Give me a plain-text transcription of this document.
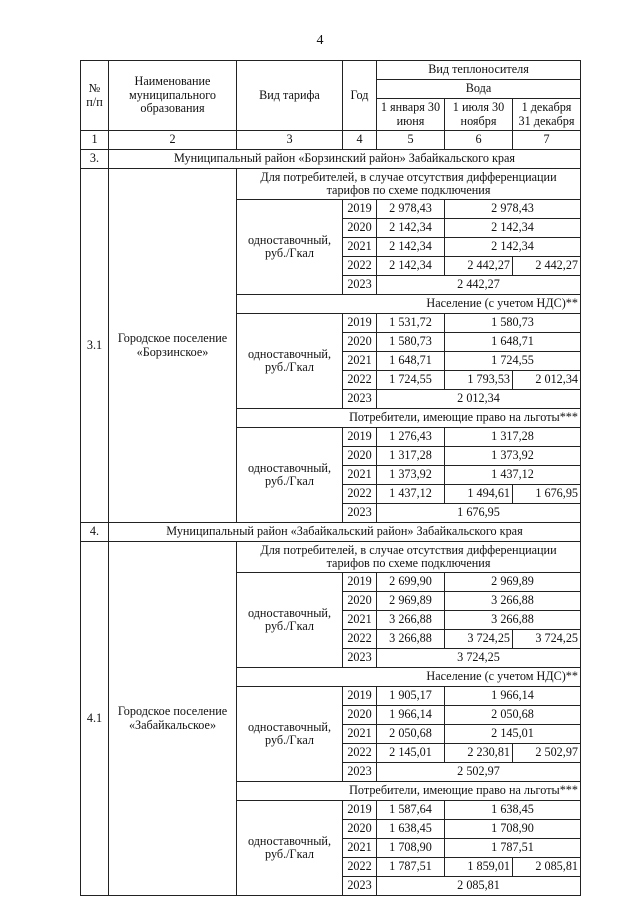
4
№ п/п	Наименование муниципального образования	Вид тарифа	Год	Вид теплоносителя		
				Вода		
				1 января 30 июня	1 июля 30 ноября	1 декабря 31 декабря
1	2	3	4	5	6	7
3.	Муниципальный район «Борзинский район» Забайкальского края					
3.1	Городское поселение «Борзинское»	Для потребителей, в случае отсутствия дифференциации тарифов по схеме подключения				
		одноставочный, руб./Гкал	2019	2 978,43	2 978,43	
			2020	2 142,34	2 142,34	
			2021	2 142,34	2 142,34	
			2022	2 142,34	2 442,27	2 442,27
			2023	2 442,27		
		Население (с учетом НДС)**				
		одноставочный, руб./Гкал	2019	1 531,72	1 580,73	
			2020	1 580,73	1 648,71	
			2021	1 648,71	1 724,55	
			2022	1 724,55	1 793,53	2 012,34
			2023	2 012,34		
		Потребители, имеющие право на льготы***				
		одноставочный, руб./Гкал	2019	1 276,43	1 317,28	
			2020	1 317,28	1 373,92	
			2021	1 373,92	1 437,12	
			2022	1 437,12	1 494,61	1 676,95
			2023	1 676,95		
4.	Муниципальный район «Забайкальский район» Забайкальского края					
4.1	Городское поселение «Забайкальское»	Для потребителей, в случае отсутствия дифференциации тарифов по схеме подключения				
		одноставочный, руб./Гкал	2019	2 699,90	2 969,89	
			2020	2 969,89	3 266,88	
			2021	3 266,88	3 266,88	
			2022	3 266,88	3 724,25	3 724,25
			2023	3 724,25		
		Население (с учетом НДС)**				
		одноставочный, руб./Гкал	2019	1 905,17	1 966,14	
			2020	1 966,14	2 050,68	
			2021	2 050,68	2 145,01	
			2022	2 145,01	2 230,81	2 502,97
			2023	2 502,97		
		Потребители, имеющие право на льготы***				
		одноставочный, руб./Гкал	2019	1 587,64	1 638,45	
			2020	1 638,45	1 708,90	
			2021	1 708,90	1 787,51	
			2022	1 787,51	1 859,01	2 085,81
			2023	2 085,81		
